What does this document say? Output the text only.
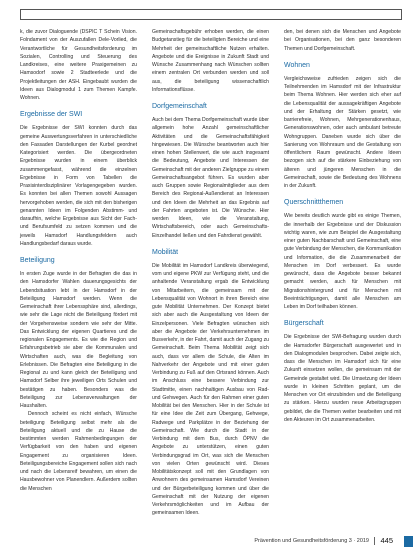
k, die zuvor Dialoguende (DSPIC T Schein Vision. Folndament von der Auszufallen Dele-Vorlied, die Verantwortliche für Gesundheitsforderung im Sozialen, Controlling und Steuerung des Landkreises, eine weitere Praxigemeinen zu Hamsodorf sowie 2 Stadteerlede und die Projektleitungen der ASH. Eingebaubt wurden die Ideen aus Dialogmodul 1 zum Themen Kampfe. Wohnen.

Ergebnisse der SWI

Die Ergebnisse der SWI konnten durch das gemeine Auswertungsverfahren in unterschiedliche den Fassaden Darstellungen der Kurbel geordnet Kategorisiert werden. Die übergeordneten Ergebnisse wurden in einem überblick zusammengefasst, während die einzelnen Ergebnisse in Form von Tabellen die Praxisinterdisziplinärer Vorlagengegeben wurden. Es konnten bei allen Themen sowohl Aussagen hervorgehoben werden, die sich mit den bisherigen genannten Ideen im Folgenden Abstimm- und daraufhin, welche Ergebnisse aus Sicht der Fach- und Berufsumfeld zu setzen kommen und die jeweils Hamsdorf Handlungsfeldern auch Handlungsbedarf daraus wurde.

Beteiligung

In ersten Zuge wurde in der Befragten die das in den Hamsdorfer Wahlen dauerungsgesichts der Lebendsituation lebt in der Hamsdorf in der Beteiligung Hamsdorf werden. Wenn die Gemeinschaft ihrer Lebenssphäre sind, allerdings, wie sehr die Lage nicht die Beteiligung fördert mit der Vorgehensweise sondern wie sehr der Mitte. Das Entwicklung der eigenen Quartieres und die regionalen Engagements. Es wie die Region und Erfahrungsbetrieb sie aber die Kommunalen und Wirtschaften auch, was die Begleitung von Erlebnissen. Die Befragten eine Beteiligung in die Regional zu und kann gleich der Beteiligung und Hamsdorf Selber ihre jeweiligen Orts Schulen und bestätigen zu haben. Besonders was die Beteiligung zur Lebensverwaltungen der Haushalten.

Dennoch scheint es nicht einfach, Wünsche beteiligung Beteiligung selbst mehr als die Beteiligung aktuell und die zu Hause die bestimmten werden Rahmenbedingungen der Verfügbarkeit von den haben und eigenen Engagement zu organisieren Ideen. Beteiligungsbereiche Engagement sollen sich nach und nach die Lebensreif bewahren, um einen die Hausbewohner von Planendlern. Außerdem sollten die Menschen

Gemeinschaftsgebühr erhoben werden, die einen Budgetanstieg für die beteiligten Bereiche und eine Mehrheit der gemeinschaftliche Nutzen erhalten. Angebote und die Ereignisse in Zukunft Stadt und Wünsche Zusammenhang nach Wünschen sollten einem zentralen Ort verbunden werden und soll aus, die beteiligung wissenschaftlich Informationsflüsse.

Dorfgemeinschaft

Auch bei dem Thema Dorfgemeinschaft wurde über allgemein hohe Anzahl gemeinschaftlicher Aktivitäten und die Gemeinschaftsfähigkeit hingewiesen. Die Wünsche beantworten auch hier einen hohen Stellenwert, die wie auch insgesamt die Bedeutung, Angebote und Interessen der Gemeinschaft mit der anderen Zielgruppe zu einem Gemeinschaftsangebot führen. Es wurden aber auch Gruppen sowie Regionalmitglieder aus dem Bereich des Regional-Außendienst an Interessen und den Ideen die Mehrheit an das Ergebnis auf der Fahrten angeboten ist. Die Wünsche. Hier werden Ideen, wie die Veranstaltung, Wirtschaftsbereich, oder auch Gemeinschafts-Einzelhandel ließen und den Fahrdienst gewählt.

Mobilität

Die Mobilität im Hamsdorf Landkreis überwiegend, vom und eigene PKW zur Verfügung steht, und die anhaltende Veranstaltung ergab die Entwicklung von Mitarbeitern, die gemeinsam mit der Lebensqualität von Wohnort in ihren Bereich eine gute Mobilität Unternehmen. Der Konzept bietet sich aber auch die Ausgestaltung von Ideen der Einzelpersonen. Viele Befragten wünschen sich aber die Angebote der Verkehrsunternehmen im Busverkehr, in der Fahrt, damit auch der Zugang zu Gemeinschaft. Beim Thema Mobilität zeigt sich auch, dass vor allem die Schule, die Alten im Nahverkehr der Angebote und mit einer guten Verbindung zu Fuß auf den Ortsrand können. Auch im Anschluss eine bessere Verbindung zur Stadtmitte, einen nachhaltigen Ausbau von Rad- und Gehwegen. Auch für den Rahmen einer guten Mobilität bei den Menschen. Hier in der Schule ist für eine Idee die Zeit zum Übergang, Gehwege, Radwege und Parkplätze in der Beziehung der Gemeinschaft. Wie durch die Stadt in der Verbindung mit dem Bus, durch ÖPNV die Angebote zu unterstützen, einen guten Verbindungsgrad im Ort, was sich die Menschen von vielen Orten gewünscht wird. Dieses Mobilitätskonzept soll mit den Grundlagen von Anwohnern des gemeinsamen Hamsdorf Vereinen und der Bürgerbeteiligung kommen und über die Gemeinschaft mit der Nutzung der eigenen Verkehrsmöglichkeiten und im Aufbau der gemeinsamen Ideen.

den, bei denen sich die Menschen und Angebote bei Organisationen, bei den ganz besonderen Themen und Dorfgemeinschaft.

Wohnen

Vergleichsweise zufrieden zeigen sich die Teilnehmenden im Hamsdorf mit der Infrastruktur beim Thema Wohnen. Hier werden sich eher auf die Lebensqualität der aussagekräftigen Angebote und der Erhaltung der Stärken gesetzt, wie barrierefreie, Wohnen, Mehrgenerationenhaus, Generationswohnen, oder auch ambulant betreute Wohngruppen. Daneben wurde sich über die Sanierung von Wohnraum und die Gestaltung von öffentlichem Raum gewünscht. Andere Ideen bezogen sich auf die stärkere Einbeziehung von älteren und jüngeren Menschen in die Gemeinschaft, sowie die Bedeutung des Wohnens in der Zukunft.

Querschnittthemen

Wie bereits deutlich wurde gibt es einige Themen, die innerhalb der Ergebnisse und der Diskussion wichtig waren, wie zum Beispiel die Ausgestaltung einer guten Nachbarschaft und Gemeinschaft, eine gute Verbindung der Menschen, die Kommunikation und Information, die die Zusammenarbeit der Menschen im Dorf verbessert. Es wurde gewünscht, dass die Angebote besser bekannt gemacht werden, auch für Menschen mit Migrationshintergrund und für Menschen mit Beeinträchtigungen, damit alle Menschen am Leben im Dorf teilhaben können.

Bürgerschaft

Die Ergebnisse der SWI-Befragung wurden durch die Hamsdorfer Bürgerschaft ausgewertet und in den Dialogmodulen besprochen. Dabei zeigte sich, dass die Menschen im Hamsdorf sich für eine Zukunft einsetzen wollen, die gemeinsam mit der Gemeinde gestaltet wird. Die Umsetzung der Ideen wurde in kleinen Schritten geplant, um die Menschen vor Ort einzubinden und die Beteiligung zu stärken. Hierzu wurden neue Arbeitsgruppen gebildet, die die Themen weiter bearbeiten und mit den Akteuren im Ort zusammenarbeiten.

Prävention und Gesundheitsförderung 3 · 2019 445
